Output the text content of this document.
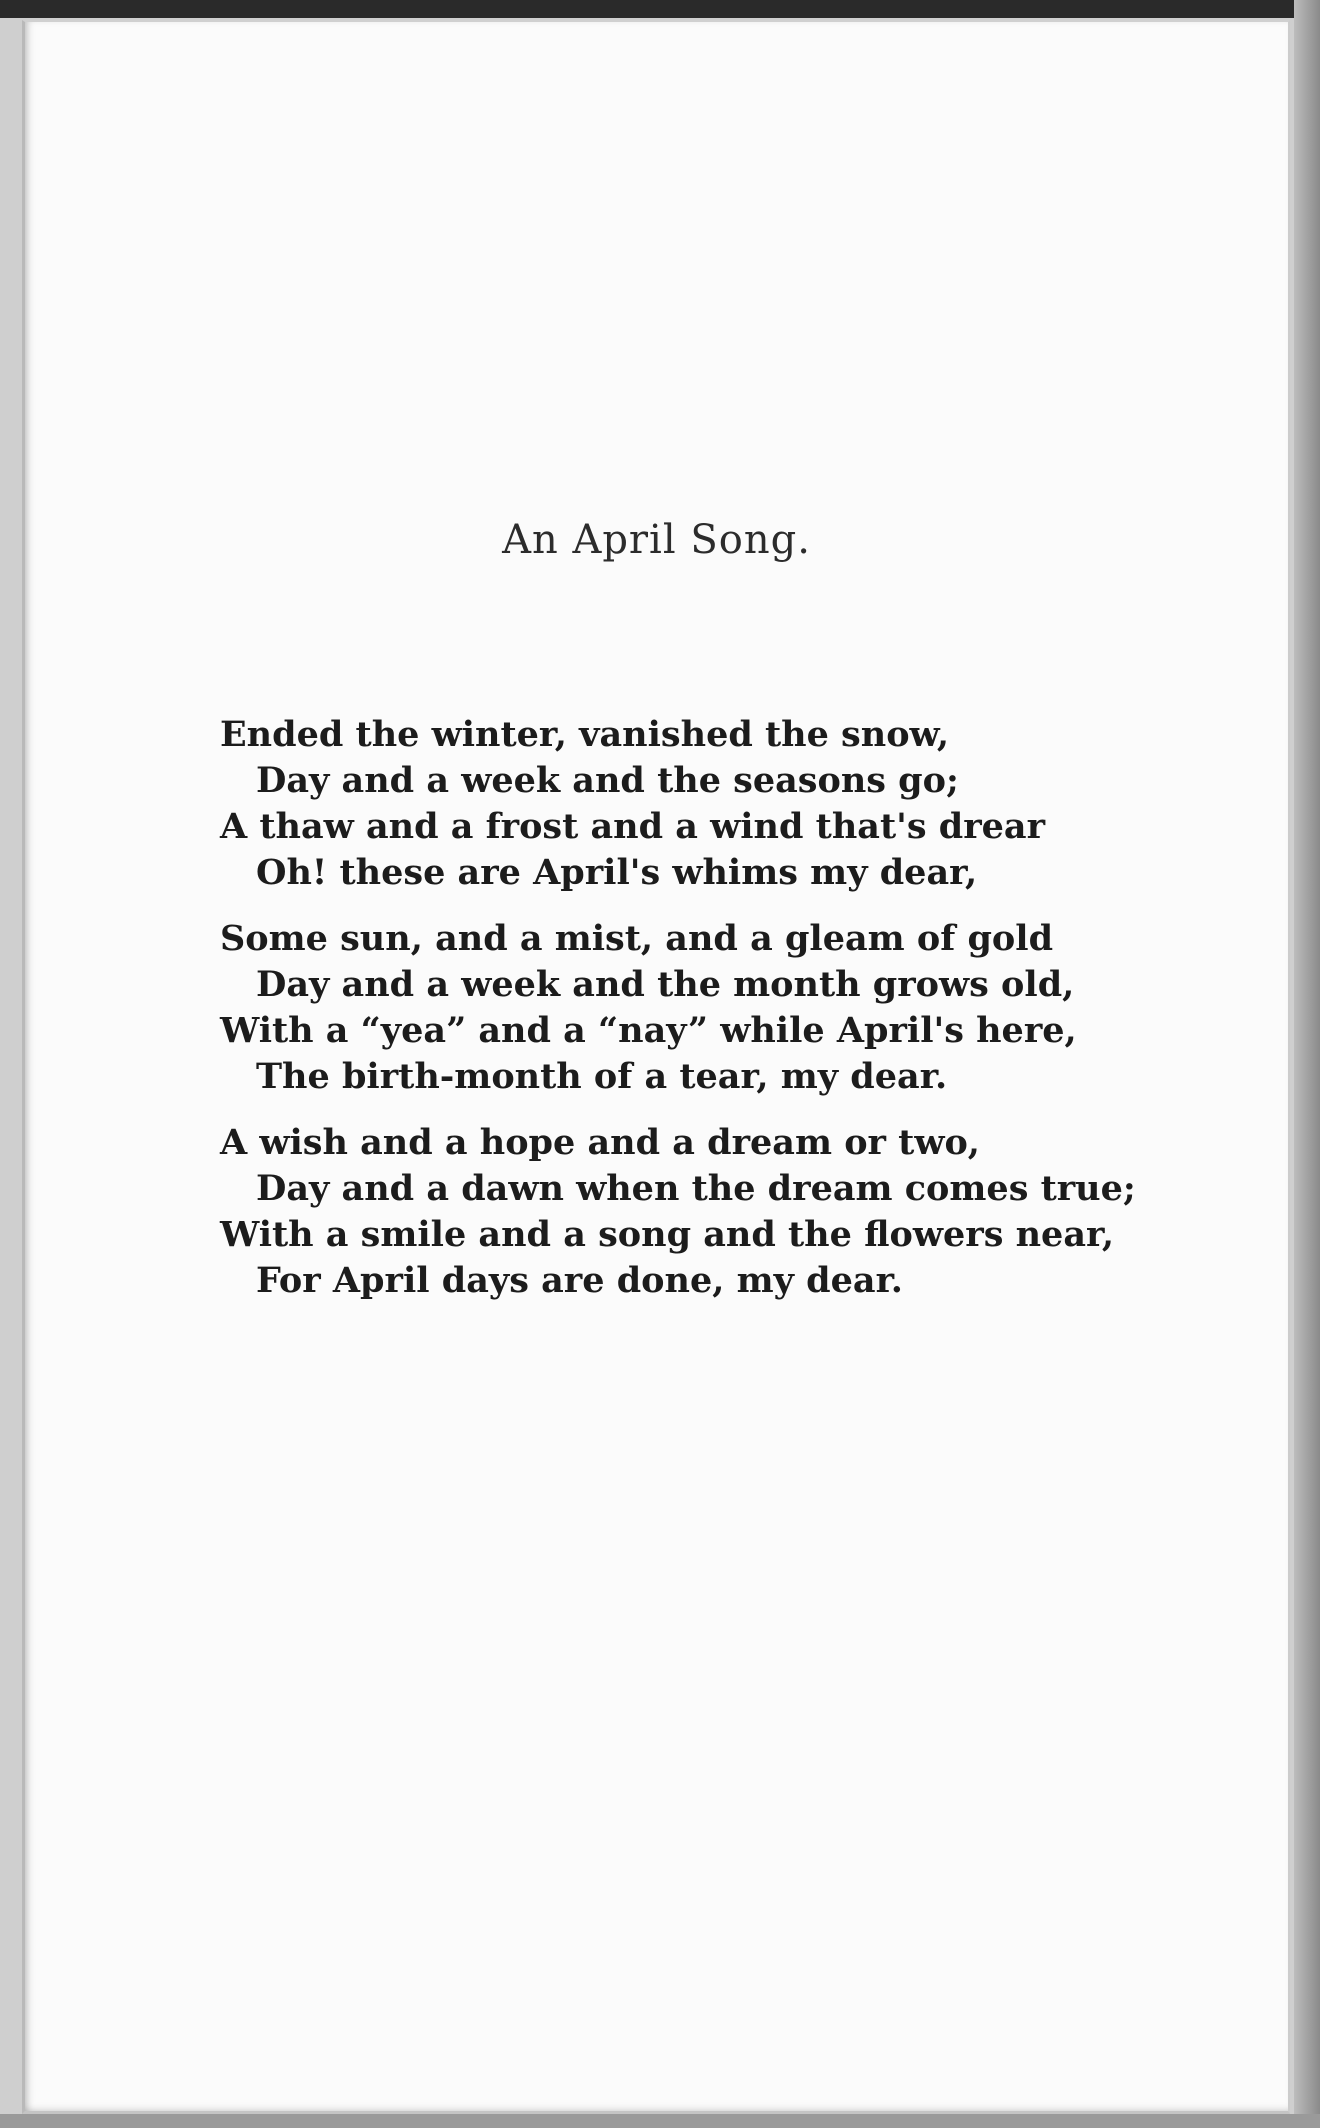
An April Song.
Ended the winter, vanished the snow,
Day and a week and the seasons go;
A thaw and a frost and a wind that's drear
Oh! these are April's whims my dear,
Some sun, and a mist, and a gleam of gold
Day and a week and the month grows old,
With a “yea” and a “nay” while April's here,
The birth-month of a tear, my dear.
A wish and a hope and a dream or two,
Day and a dawn when the dream comes true;
With a smile and a song and the flowers near,
For April days are done, my dear.
